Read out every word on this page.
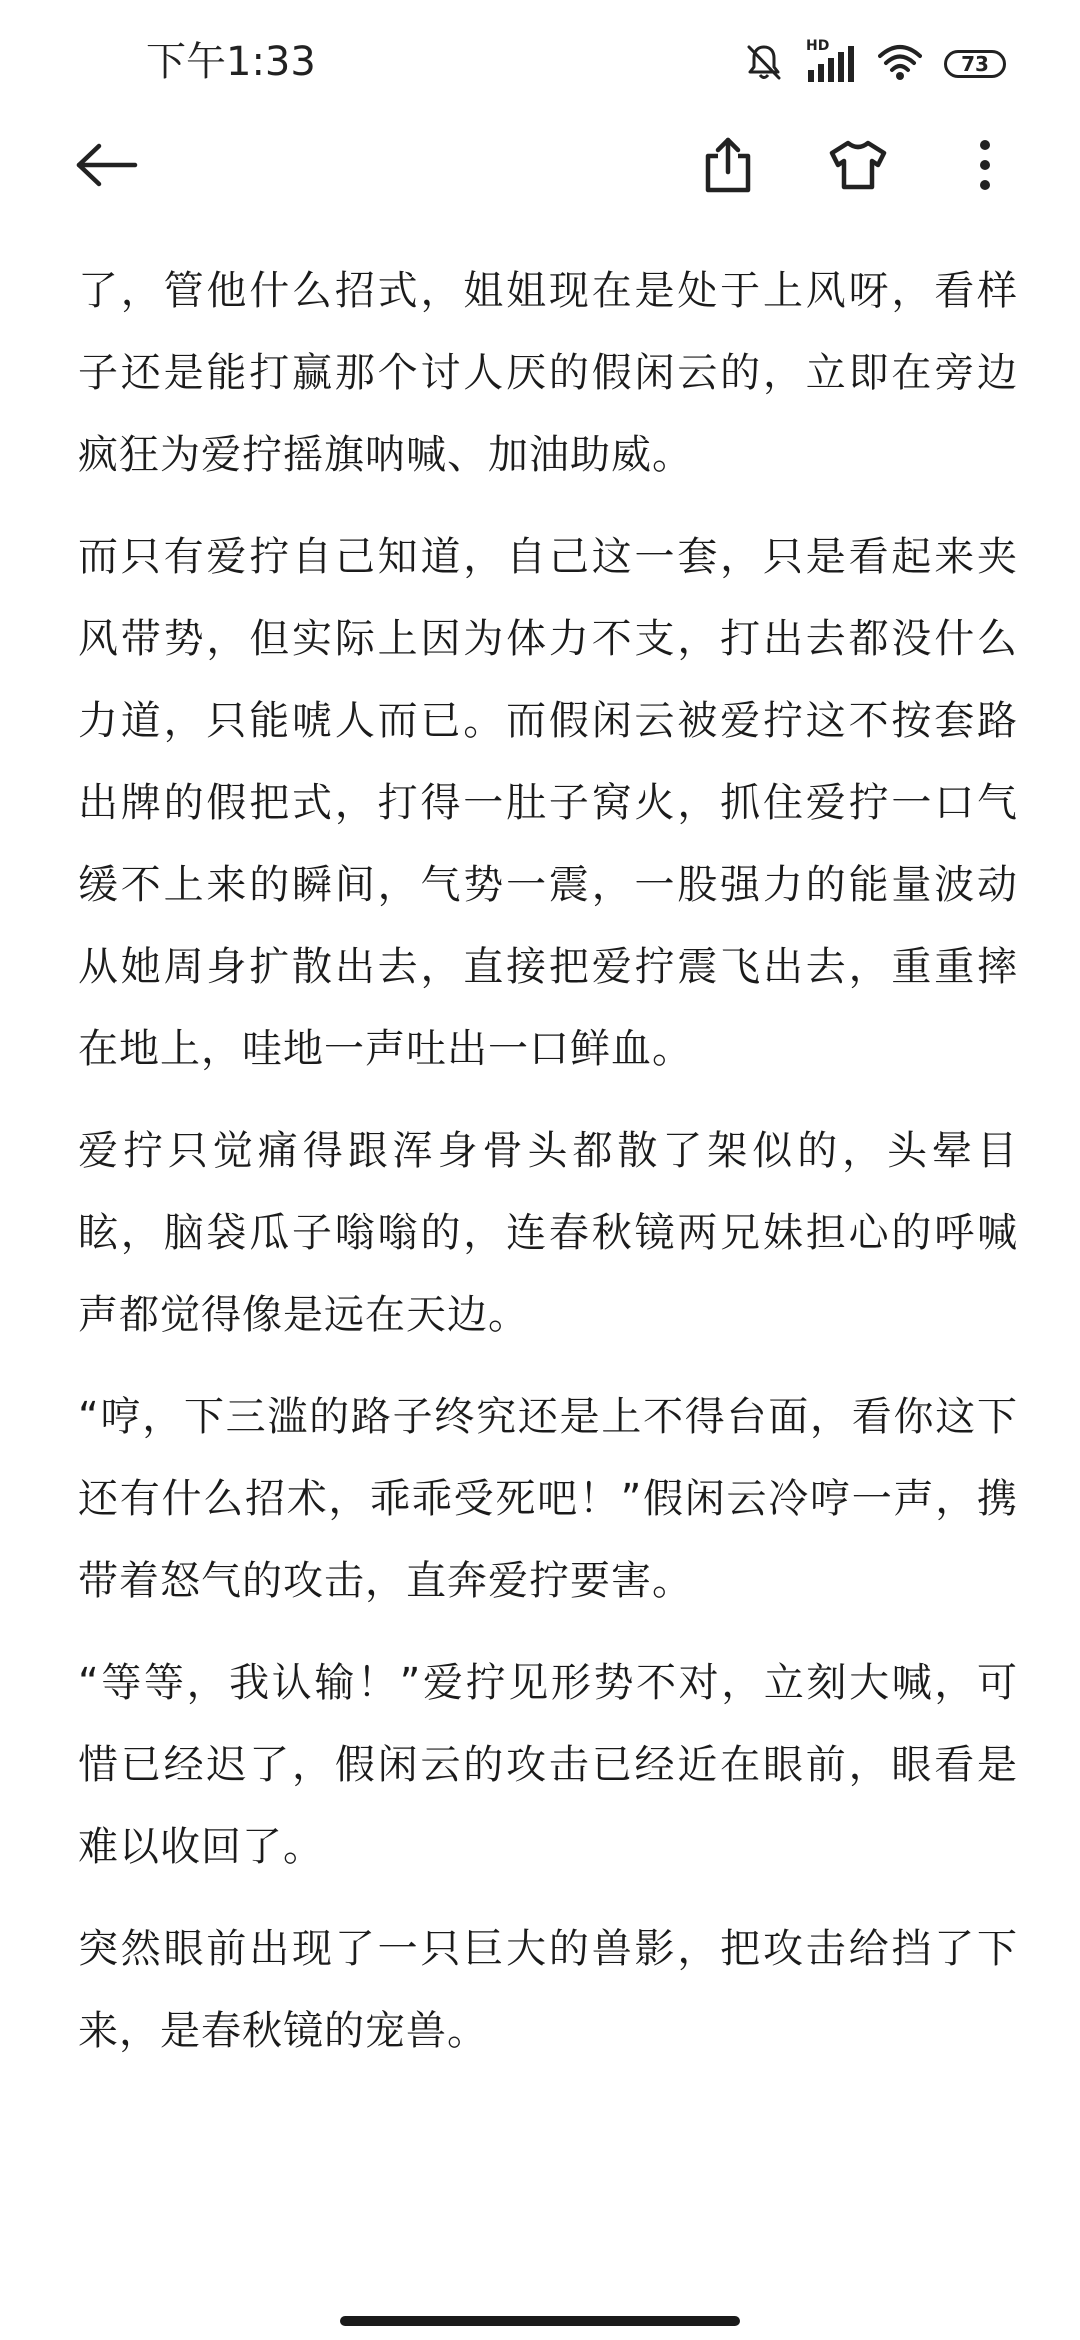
下午1:33	HD
73

了，管他什么招式，姐姐现在是处于上风呀，看样子还是能打赢那个讨人厌的假闲云的，立即在旁边疯狂为爱拧摇旗呐喊、加油助威。

而只有爱拧自己知道，自己这一套，只是看起来夹风带势，但实际上因为体力不支，打出去都没什么力道，只能唬人而已。而假闲云被爱拧这不按套路出牌的假把式，打得一肚子窝火，抓住爱拧一口气缓不上来的瞬间，气势一震，一股强力的能量波动从她周身扩散出去，直接把爱拧震飞出去，重重摔在地上，哇地一声吐出一口鲜血。

爱拧只觉痛得跟浑身骨头都散了架似的，头晕目眩，脑袋瓜子嗡嗡的，连春秋镜两兄妹担心的呼喊声都觉得像是远在天边。

“哼，下三滥的路子终究还是上不得台面，看你这下还有什么招术，乖乖受死吧！”假闲云冷哼一声，携带着怒气的攻击，直奔爱拧要害。

“等等，我认输！”爱拧见形势不对，立刻大喊，可惜已经迟了，假闲云的攻击已经近在眼前，眼看是难以收回了。

突然眼前出现了一只巨大的兽影，把攻击给挡了下来，是春秋镜的宠兽。
